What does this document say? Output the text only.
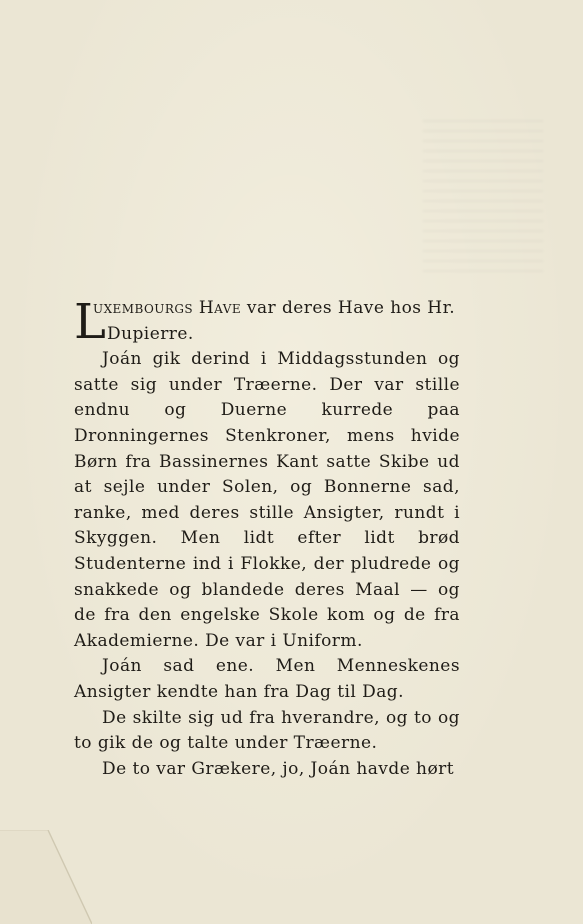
L
uxembourgs Have var deres Have hos Hr.
Dupierre.

Joán gik derind i Middagsstunden og satte sig under Træerne. Der var stille endnu og Duerne kurrede paa Dronningernes Stenkroner, mens hvide Børn fra Bassinernes Kant satte Skibe ud at sejle under Solen, og Bonnerne sad, ranke, med deres stille Ansigter, rundt i Skyggen. Men lidt efter lidt brød Studenterne ind i Flokke, der pludrede og snakkede og blandede deres Maal — og de fra den engelske Skole kom og de fra Akademierne. De var i Uniform.

Joán sad ene. Men Menneskenes Ansigter kendte han fra Dag til Dag.

De skilte sig ud fra hverandre, og to og to gik de og talte under Træerne.

De to var Grækere, jo, Joán havde hørt
